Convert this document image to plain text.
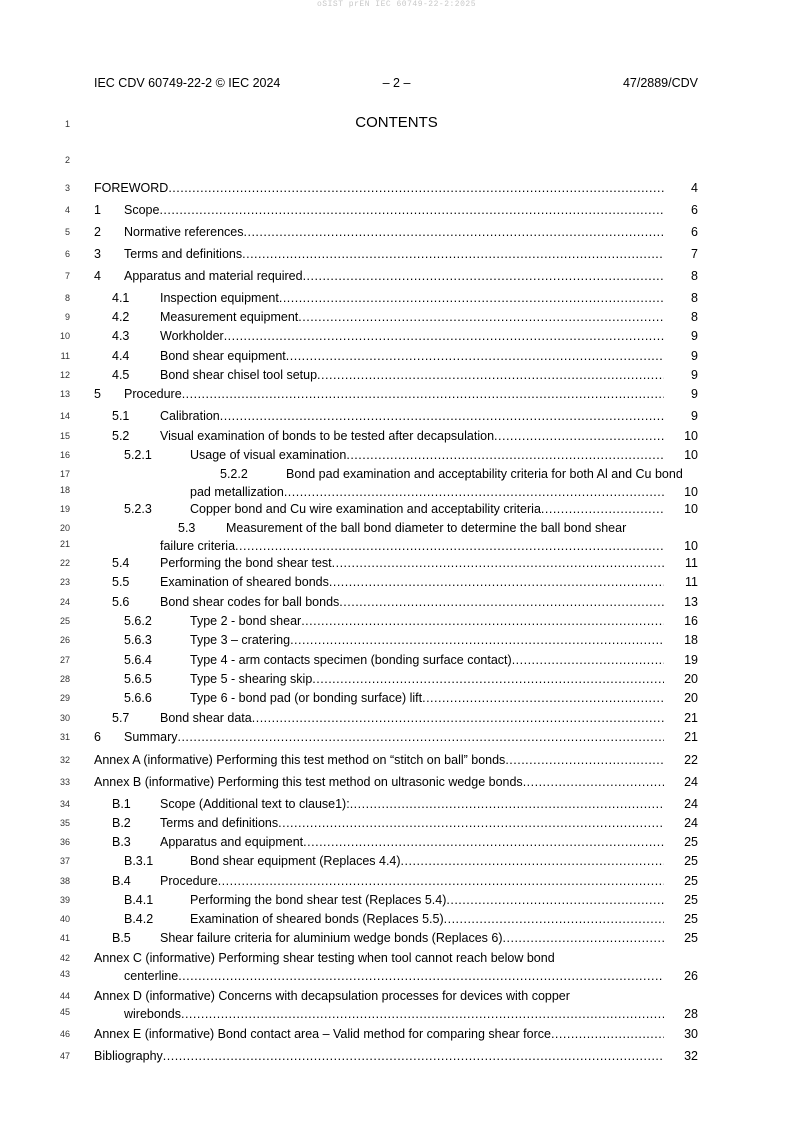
oSIST prEN IEC 60749-22-2:2025
IEC CDV 60749-22-2 © IEC 2024	– 2 –	47/2889/CDV
CONTENTS
1
2
3
4
5
6
7
8
9
10
11
12
13
14
15
16
17
18
19
20
21
22
23
24
25
26
27
28
29
30
31
32
33
34
35
36
37
38
39
40
41
42
43
44
45
46
47
FOREWORD .....	4
1	Scope .....	6
2	Normative references .....	6
3	Terms and definitions .....	7
4	Apparatus and material required .....	8
4.1	Inspection equipment .....	8
4.2	Measurement equipment .....	8
4.3	Workholder .....	9
4.4	Bond shear equipment .....	9
4.5	Bond shear chisel tool setup .....	9
5	Procedure .....	9
5.1	Calibration .....	9
5.2	Visual examination of bonds to be tested after decapsulation .....	10
5.2.1	Usage of visual examination .....	10
5.2.2	Bond pad examination and acceptability criteria for both Al and Cu bond
pad metallization .....	10
5.2.3	Copper bond and Cu wire examination and acceptability criteria .....	10
5.3 Measurement of the ball bond diameter to determine the ball bond shear
failure criteria .....	10
5.4	Performing the bond shear test .....	11
5.5	Examination of sheared bonds .....	11
5.6	Bond shear codes for ball bonds .....	13
5.6.2	Type 2 - bond shear .....	16
5.6.3	Type 3 – cratering .....	18
5.6.4	Type 4 - arm contacts specimen (bonding surface contact) .....	19
5.6.5	Type 5 - shearing skip .....	20
5.6.6	Type 6 - bond pad (or bonding surface) lift .....	20
5.7	Bond shear data .....	21
6	Summary .....	21
Annex A (informative) Performing this test method on “stitch on ball” bonds .....	22
Annex B (informative) Performing this test method on ultrasonic wedge bonds .....	24
B.1	Scope (Additional text to clause1): .....	24
B.2	Terms and definitions .....	24
B.3	Apparatus and equipment .....	25
B.3.1	Bond shear equipment (Replaces 4.4) .....	25
B.4	Procedure .....	25
B.4.1	Performing the bond shear test (Replaces 5.4) .....	25
B.4.2	Examination of sheared bonds (Replaces 5.5) .....	25
B.5	Shear failure criteria for aluminium wedge bonds (Replaces 6) .....	25
Annex C (informative) Performing shear testing when tool cannot reach below bond
centerline .....	26
Annex D (informative) Concerns with decapsulation processes for devices with copper
wirebonds .....	28
Annex E (informative) Bond contact area – Valid method for comparing shear force .....	30
Bibliography .....	32
